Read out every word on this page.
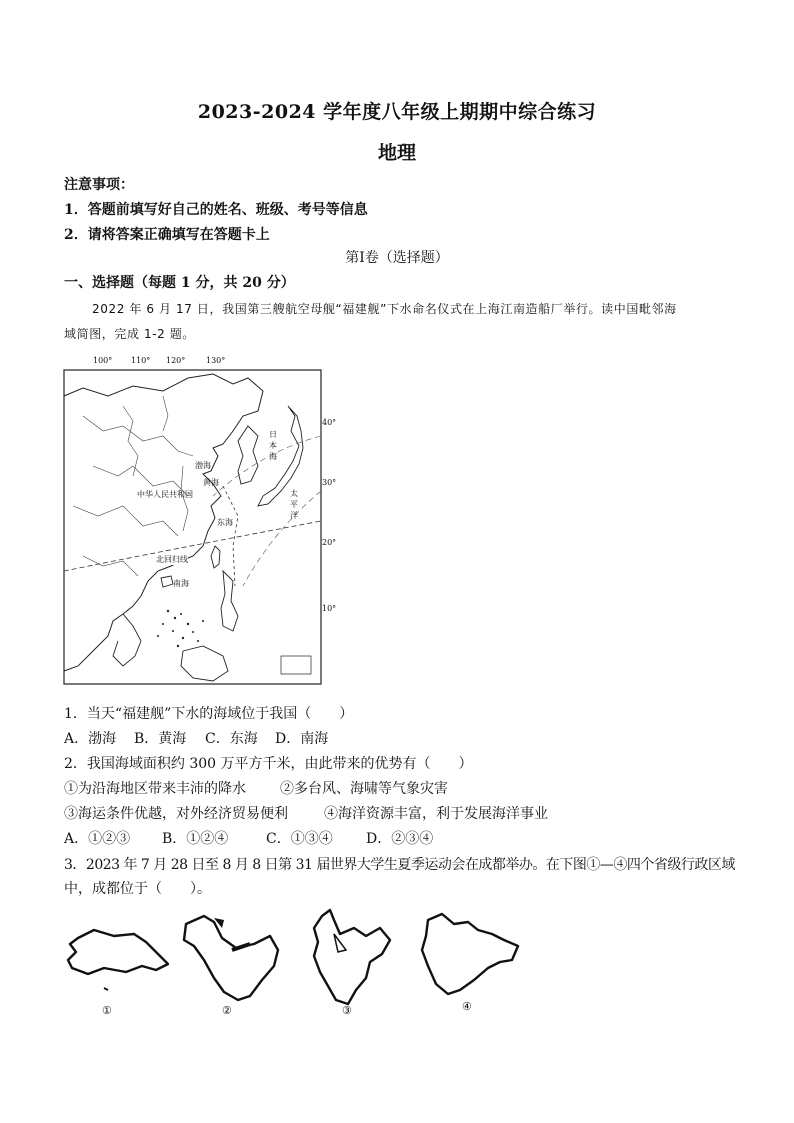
2023-2024 学年度八年级上期期中综合练习
地理
注意事项：
1．答题前填写好自己的姓名、班级、考号等信息
2．请将答案正确填写在答题卡上
第Ⅰ卷（选择题）
一、选择题（每题 1 分，共 20 分）
2022 年 6 月 17 日，我国第三艘航空母舰“福建舰”下水命名仪式在上海江南造船厂举行。读中国毗邻海
域简图，完成 1-2 题。
100° 110° 120°	130°
40°
30°
20°
10°
日
本
海
渤海
黄海
中华人民共和国
东海
太
平
洋
北回归线
南海
1．当天“福建舰”下水的海域位于我国（　　）
A．渤海 B．黄海 C．东海 D．南海
2．我国海域面积约 300 万平方千米，由此带来的优势有（　　）
①为沿海地区带来丰沛的降水 ②多台风、海啸等气象灾害
③海运条件优越，对外经济贸易便利	④海洋资源丰富，利于发展海洋事业
A．①②③ B．①②④	C．①③④ D．②③④
3．2023 年 7 月 28 日至 8 月 8 日第 31 届世界大学生夏季运动会在成都举办。在下图①—④四个省级行政区域
中，成都位于（　　）。
①	②	③	④
